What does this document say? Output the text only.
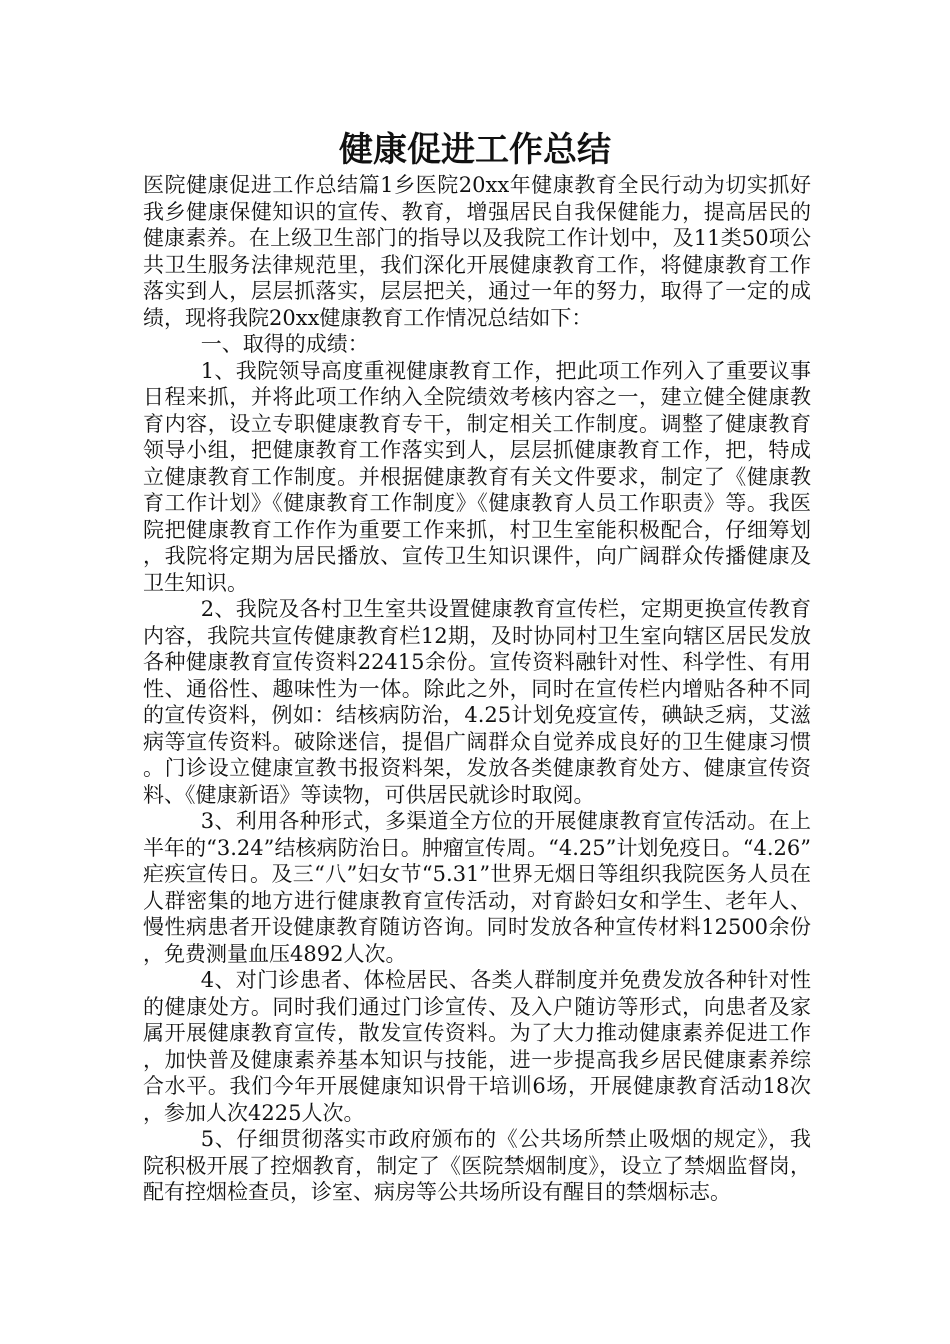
健康促进工作总结

医院健康促进工作总结篇1乡医院20xx年健康教育全民行动为切实抓好我乡健康保健知识的宣传、教育，增强居民自我保健能力，提高居民的健康素养。在上级卫生部门的指导以及我院工作计划中，及11类50项公共卫生服务法律规范里，我们深化开展健康教育工作，将健康教育工作落实到人，层层抓落实，层层把关，通过一年的努力，取得了一定的成绩，现将我院20xx健康教育工作情况总结如下：

一、取得的成绩：

1、我院领导高度重视健康教育工作，把此项工作列入了重要议事日程来抓，并将此项工作纳入全院绩效考核内容之一，建立健全健康教育内容，设立专职健康教育专干，制定相关工作制度。调整了健康教育领导小组，把健康教育工作落实到人，层层抓健康教育工作，把，特成立健康教育工作制度。并根据健康教育有关文件要求，制定了《健康教育工作计划》《健康教育工作制度》《健康教育人员工作职责》等。我医院把健康教育工作作为重要工作来抓，村卫生室能积极配合，仔细筹划，我院将定期为居民播放、宣传卫生知识课件，向广阔群众传播健康及卫生知识。

2、我院及各村卫生室共设置健康教育宣传栏，定期更换宣传教育内容，我院共宣传健康教育栏12期，及时协同村卫生室向辖区居民发放各种健康教育宣传资料22415余份。宣传资料融针对性、科学性、有用性、通俗性、趣味性为一体。除此之外，同时在宣传栏内增贴各种不同的宣传资料，例如：结核病防治，4.25计划免疫宣传，碘缺乏病，艾滋病等宣传资料。破除迷信，提倡广阔群众自觉养成良好的卫生健康习惯。门诊设立健康宣教书报资料架，发放各类健康教育处方、健康宣传资料、《健康新语》等读物，可供居民就诊时取阅。

3、利用各种形式，多渠道全方位的开展健康教育宣传活动。在上半年的“3.24”结核病防治日。肿瘤宣传周。“4.25”计划免疫日。“4.26”疟疾宣传日。及三“八”妇女节“5.31”世界无烟日等组织我院医务人员在人群密集的地方进行健康教育宣传活动，对育龄妇女和学生、老年人、慢性病患者开设健康教育随访咨询。同时发放各种宣传材料12500余份，免费测量血压4892人次。

4、对门诊患者、体检居民、各类人群制度并免费发放各种针对性的健康处方。同时我们通过门诊宣传、及入户随访等形式，向患者及家属开展健康教育宣传，散发宣传资料。为了大力推动健康素养促进工作，加快普及健康素养基本知识与技能，进一步提高我乡居民健康素养综合水平。我们今年开展健康知识骨干培训6场，开展健康教育活动18次，参加人次4225人次。

5、仔细贯彻落实市政府颁布的《公共场所禁止吸烟的规定》，我院积极开展了控烟教育，制定了《医院禁烟制度》，设立了禁烟监督岗，配有控烟检查员，诊室、病房等公共场所设有醒目的禁烟标志。
